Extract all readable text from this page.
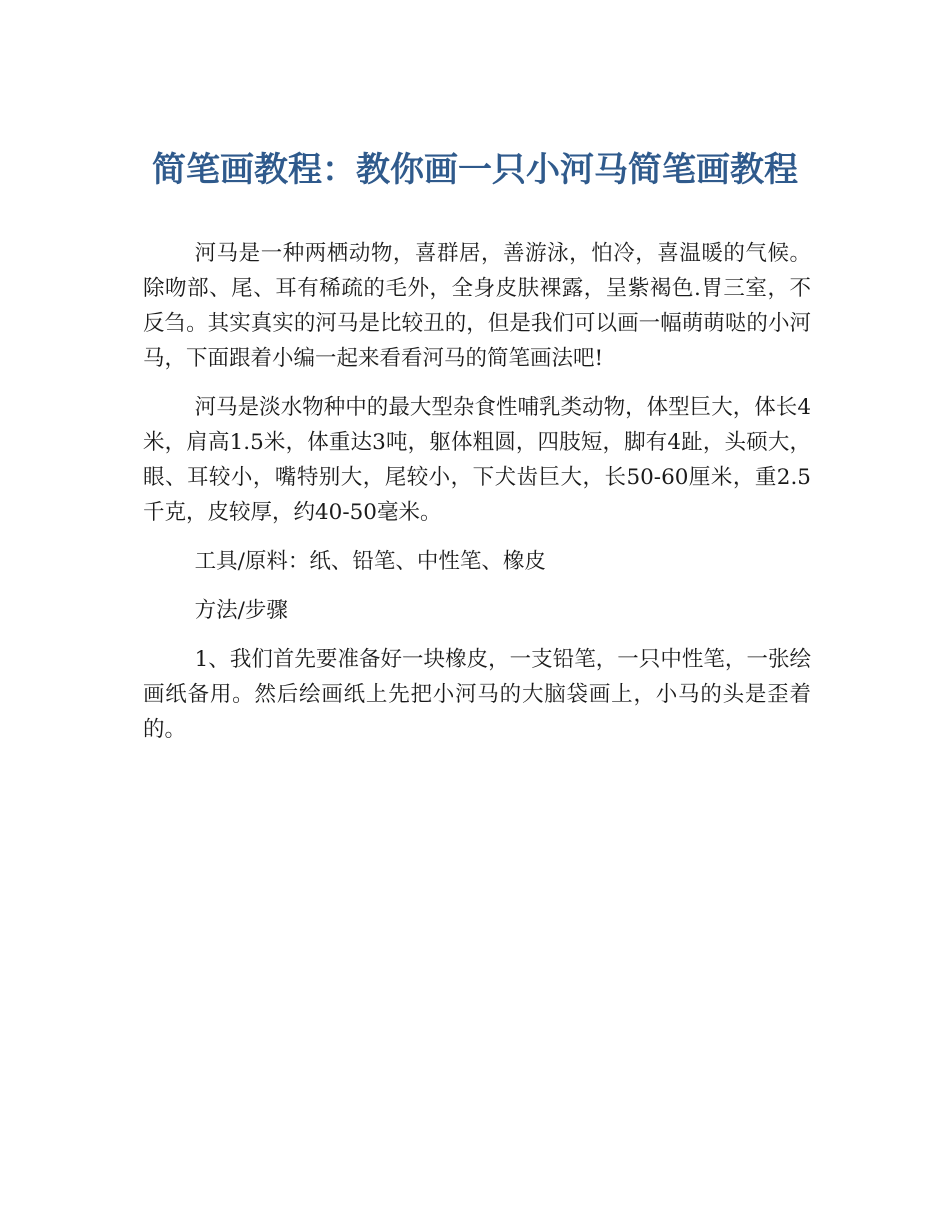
简笔画教程：教你画一只小河马简笔画教程

河马是一种两栖动物，喜群居，善游泳，怕冷，喜温暖的气候。除吻部、尾、耳有稀疏的毛外，全身皮肤裸露，呈紫褐色.胃三室，不反刍。其实真实的河马是比较丑的，但是我们可以画一幅萌萌哒的小河马，下面跟着小编一起来看看河马的简笔画法吧!

河马是淡水物种中的最大型杂食性哺乳类动物，体型巨大，体长4米，肩高1.5米，体重达3吨，躯体粗圆，四肢短，脚有4趾，头硕大，眼、耳较小，嘴特别大，尾较小，下犬齿巨大，长50-60厘米，重2.5千克，皮较厚，约40-50毫米。

工具/原料：纸、铅笔、中性笔、橡皮

方法/步骤

1、我们首先要准备好一块橡皮，一支铅笔，一只中性笔，一张绘画纸备用。然后绘画纸上先把小河马的大脑袋画上，小马的头是歪着的。
